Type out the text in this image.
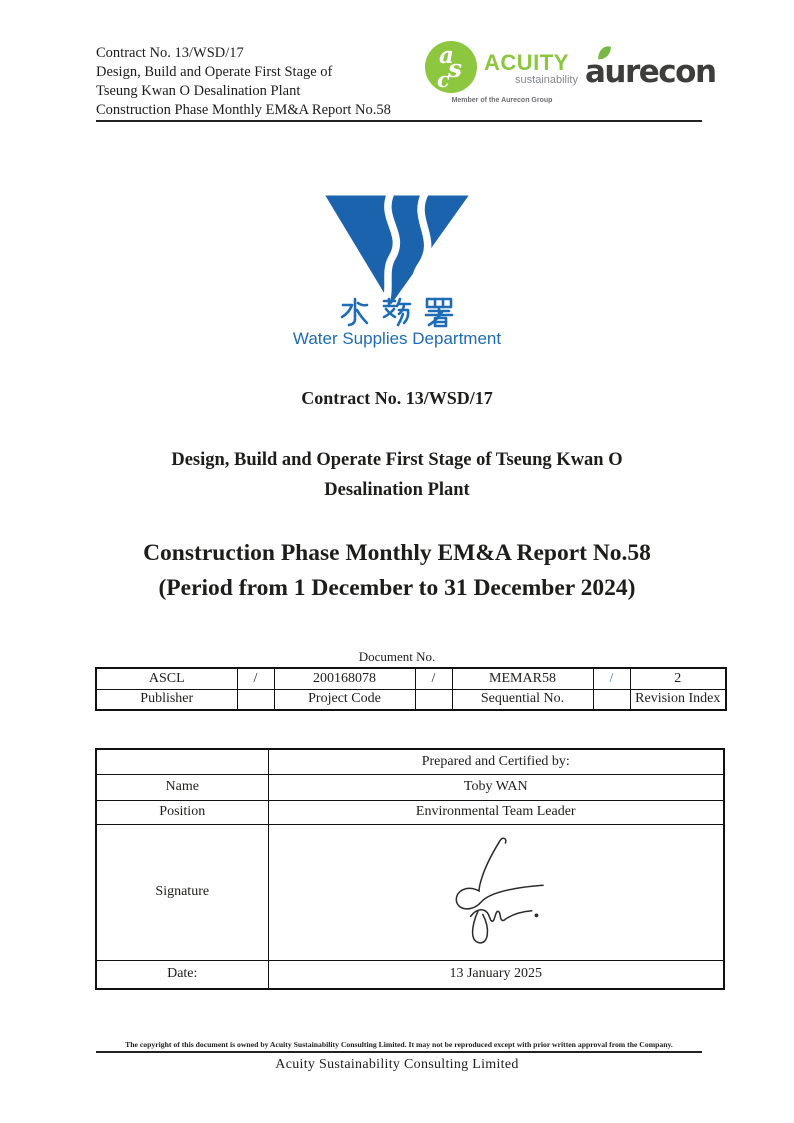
Contract No. 13/WSD/17
Design, Build and Operate First Stage of
Tseung Kwan O Desalination Plant
Construction Phase Monthly EM&A Report No.58
a
s
c
ACUITY
sustainability
Member of the Aurecon Group
aurecon
Water Supplies Department
Contract No. 13/WSD/17
Design, Build and Operate First Stage of Tseung Kwan O
Desalination Plant
Construction Phase Monthly EM&A Report No.58
(Period from 1 December to 31 December 2024)
Document No.
ASCL	/	200168078	/	MEMAR58	/	2
Publisher		Project Code		Sequential No.		Revision Index
	Prepared and Certified by:
Name	Toby WAN
Position	Environmental Team Leader
Signature	
Date:	13 January 2025
The copyright of this document is owned by Acuity Sustainability Consulting Limited. It may not be reproduced except with prior written approval from the Company.
Acuity Sustainability Consulting Limited
